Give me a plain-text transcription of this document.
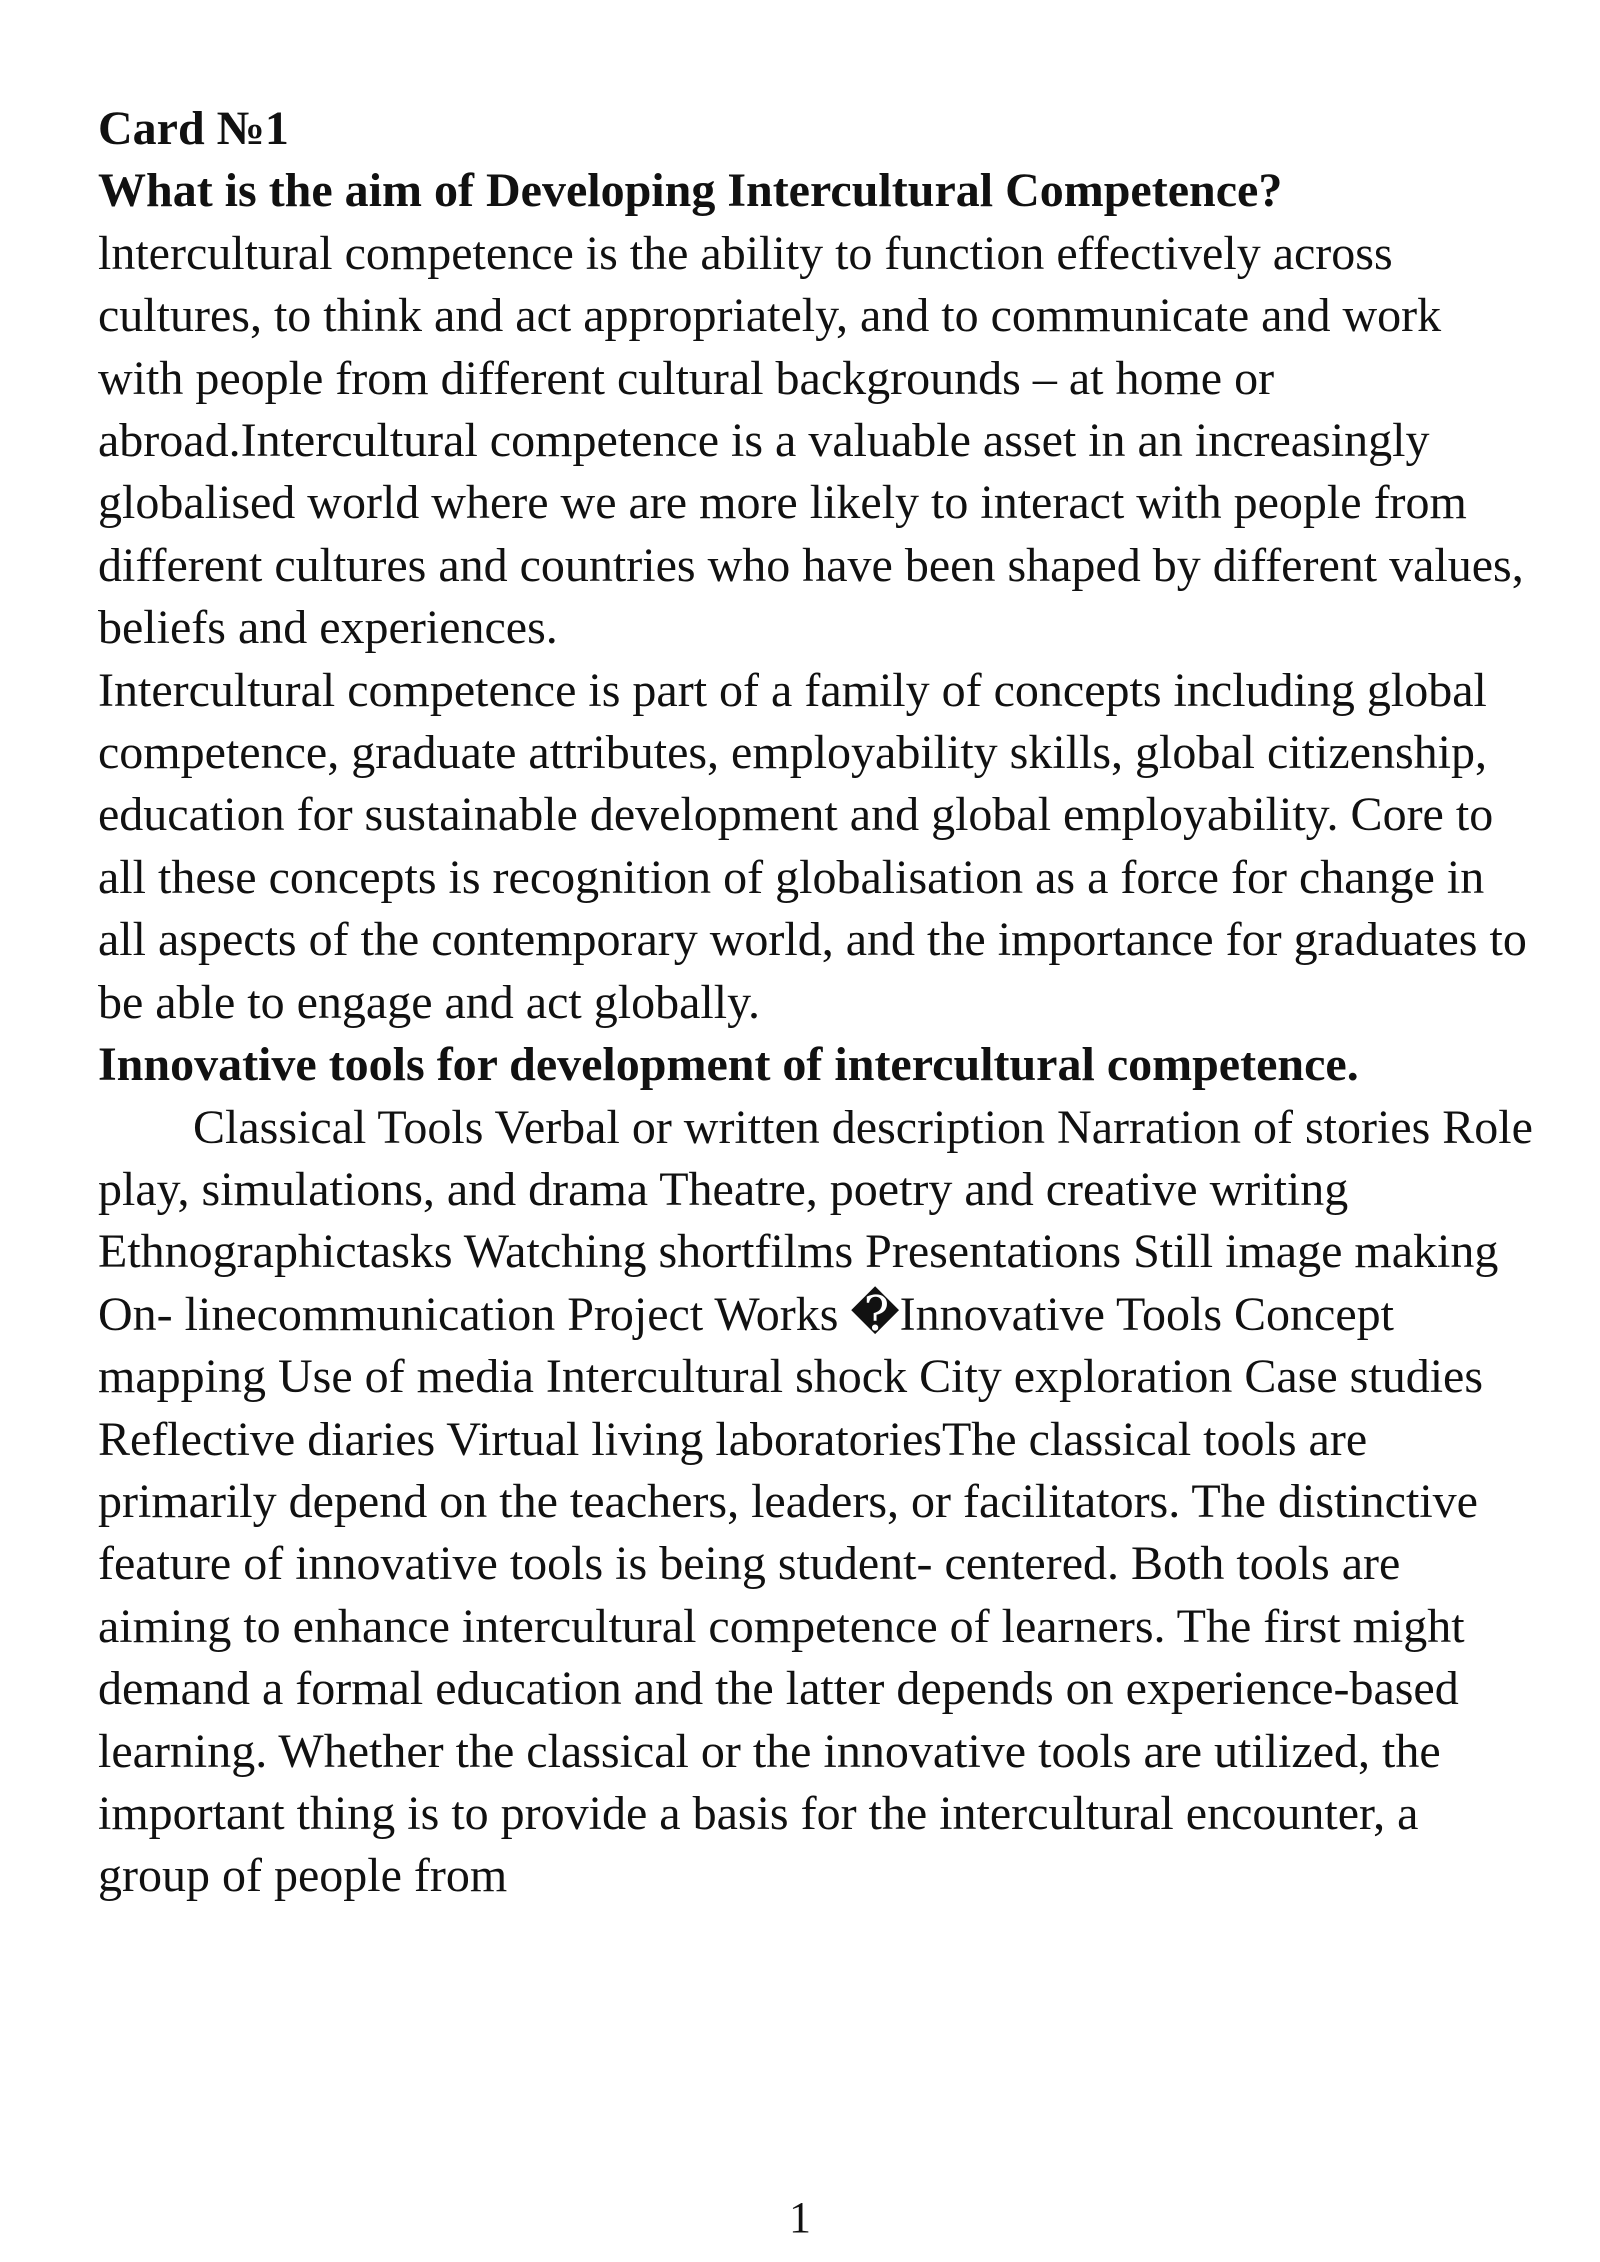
Card №1

What is the aim of Developing Intercultural Competence?

lntercultural competence is the ability to function effectively across cultures, to think and act appropriately, and to communicate and work with people from different cultural backgrounds – at home or abroad.Intercultural competence is a valuable asset in an increasingly globalised world where we are more likely to interact with people from different cultures and countries who have been shaped by different values, beliefs and experiences.

Intercultural competence is part of a family of concepts including global competence, graduate attributes, employability skills, global citizenship, education for sustainable development and global employability. Core to all these concepts is recognition of globalisation as a force for change in all aspects of the contemporary world, and the importance for graduates to be able to engage and act globally.

Innovative tools for development of intercultural competence.

Classical Tools Verbal or written description Narration of stories Role play, simulations, and drama Theatre, poetry and creative writing Ethnographictasks Watching shortfilms Presentations Still image making On- linecommunication Project Works �Innovative Tools Concept mapping Use of media Intercultural shock City exploration Case studies Reflective diaries Virtual living laboratoriesThe classical tools are primarily depend on the teachers, leaders, or facilitators. The distinctive feature of innovative tools is being student- centered. Both tools are aiming to enhance intercultural competence of learners. The first might demand a formal education and the latter depends on experience-based learning. Whether the classical or the innovative tools are utilized, the important thing is to provide a basis for the intercultural encounter, a group of people from

1
